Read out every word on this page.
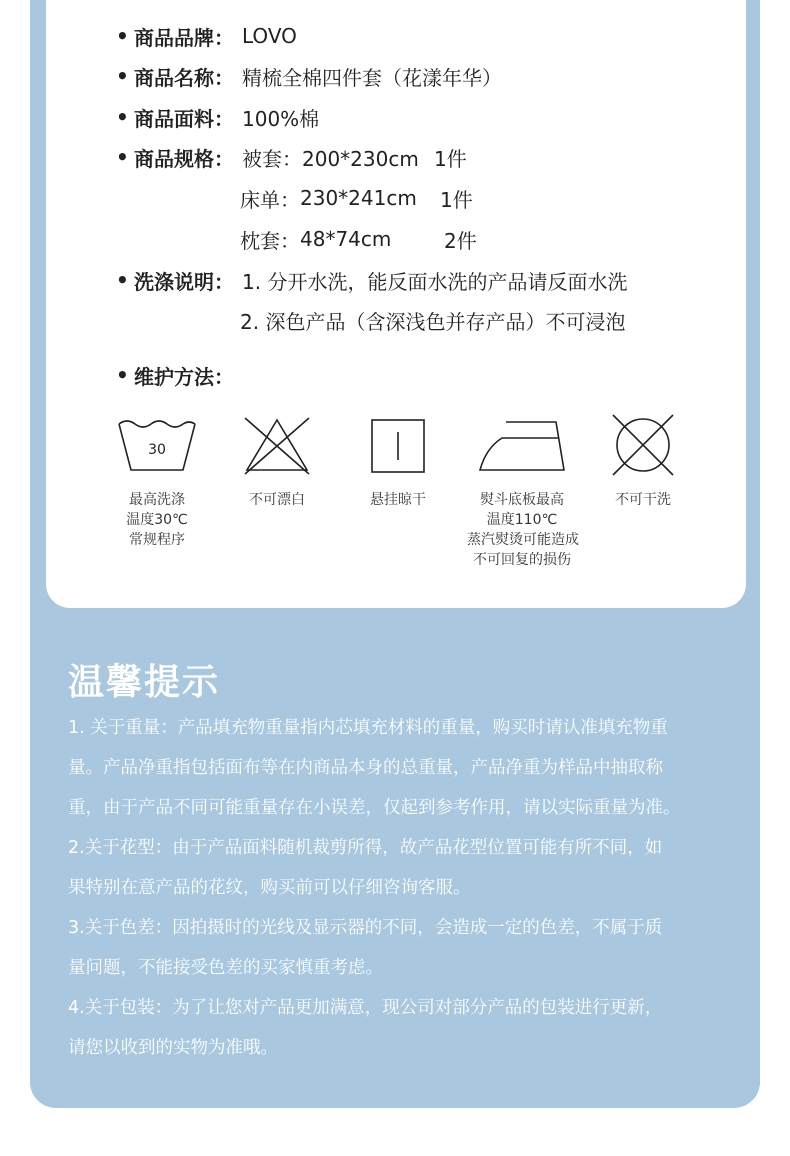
• 商品品牌： LOVO
• 商品名称： 精梳全棉四件套（花漾年华）
• 商品面料： 100%棉
• 商品规格： 被套：200*230cm 1件
床单： 230*241cm	1件
枕套： 48*74cm	2件
• 洗涤说明： 1. 分开水洗，能反面水洗的产品请反面水洗
2. 深色产品（含深浅色并存产品）不可浸泡
• 维护方法：
30
最高洗涤
温度30℃
常规程序
不可漂白	悬挂晾干	熨斗底板最高
温度110℃
蒸汽熨烫可能造成
不可回复的损伤
不可干洗
温馨提示

1. 关于重量：产品填充物重量指内芯填充材料的重量，购买时请认准填充物重

量。产品净重指包括面布等在内商品本身的总重量，产品净重为样品中抽取称

重，由于产品不同可能重量存在小误差，仅起到参考作用，请以实际重量为准。

2.关于花型：由于产品面料随机裁剪所得，故产品花型位置可能有所不同，如

果特别在意产品的花纹，购买前可以仔细咨询客服。

3.关于色差：因拍摄时的光线及显示器的不同，会造成一定的色差，不属于质

量问题，不能接受色差的买家慎重考虑。

4.关于包装：为了让您对产品更加满意，现公司对部分产品的包装进行更新，

请您以收到的实物为准哦。
